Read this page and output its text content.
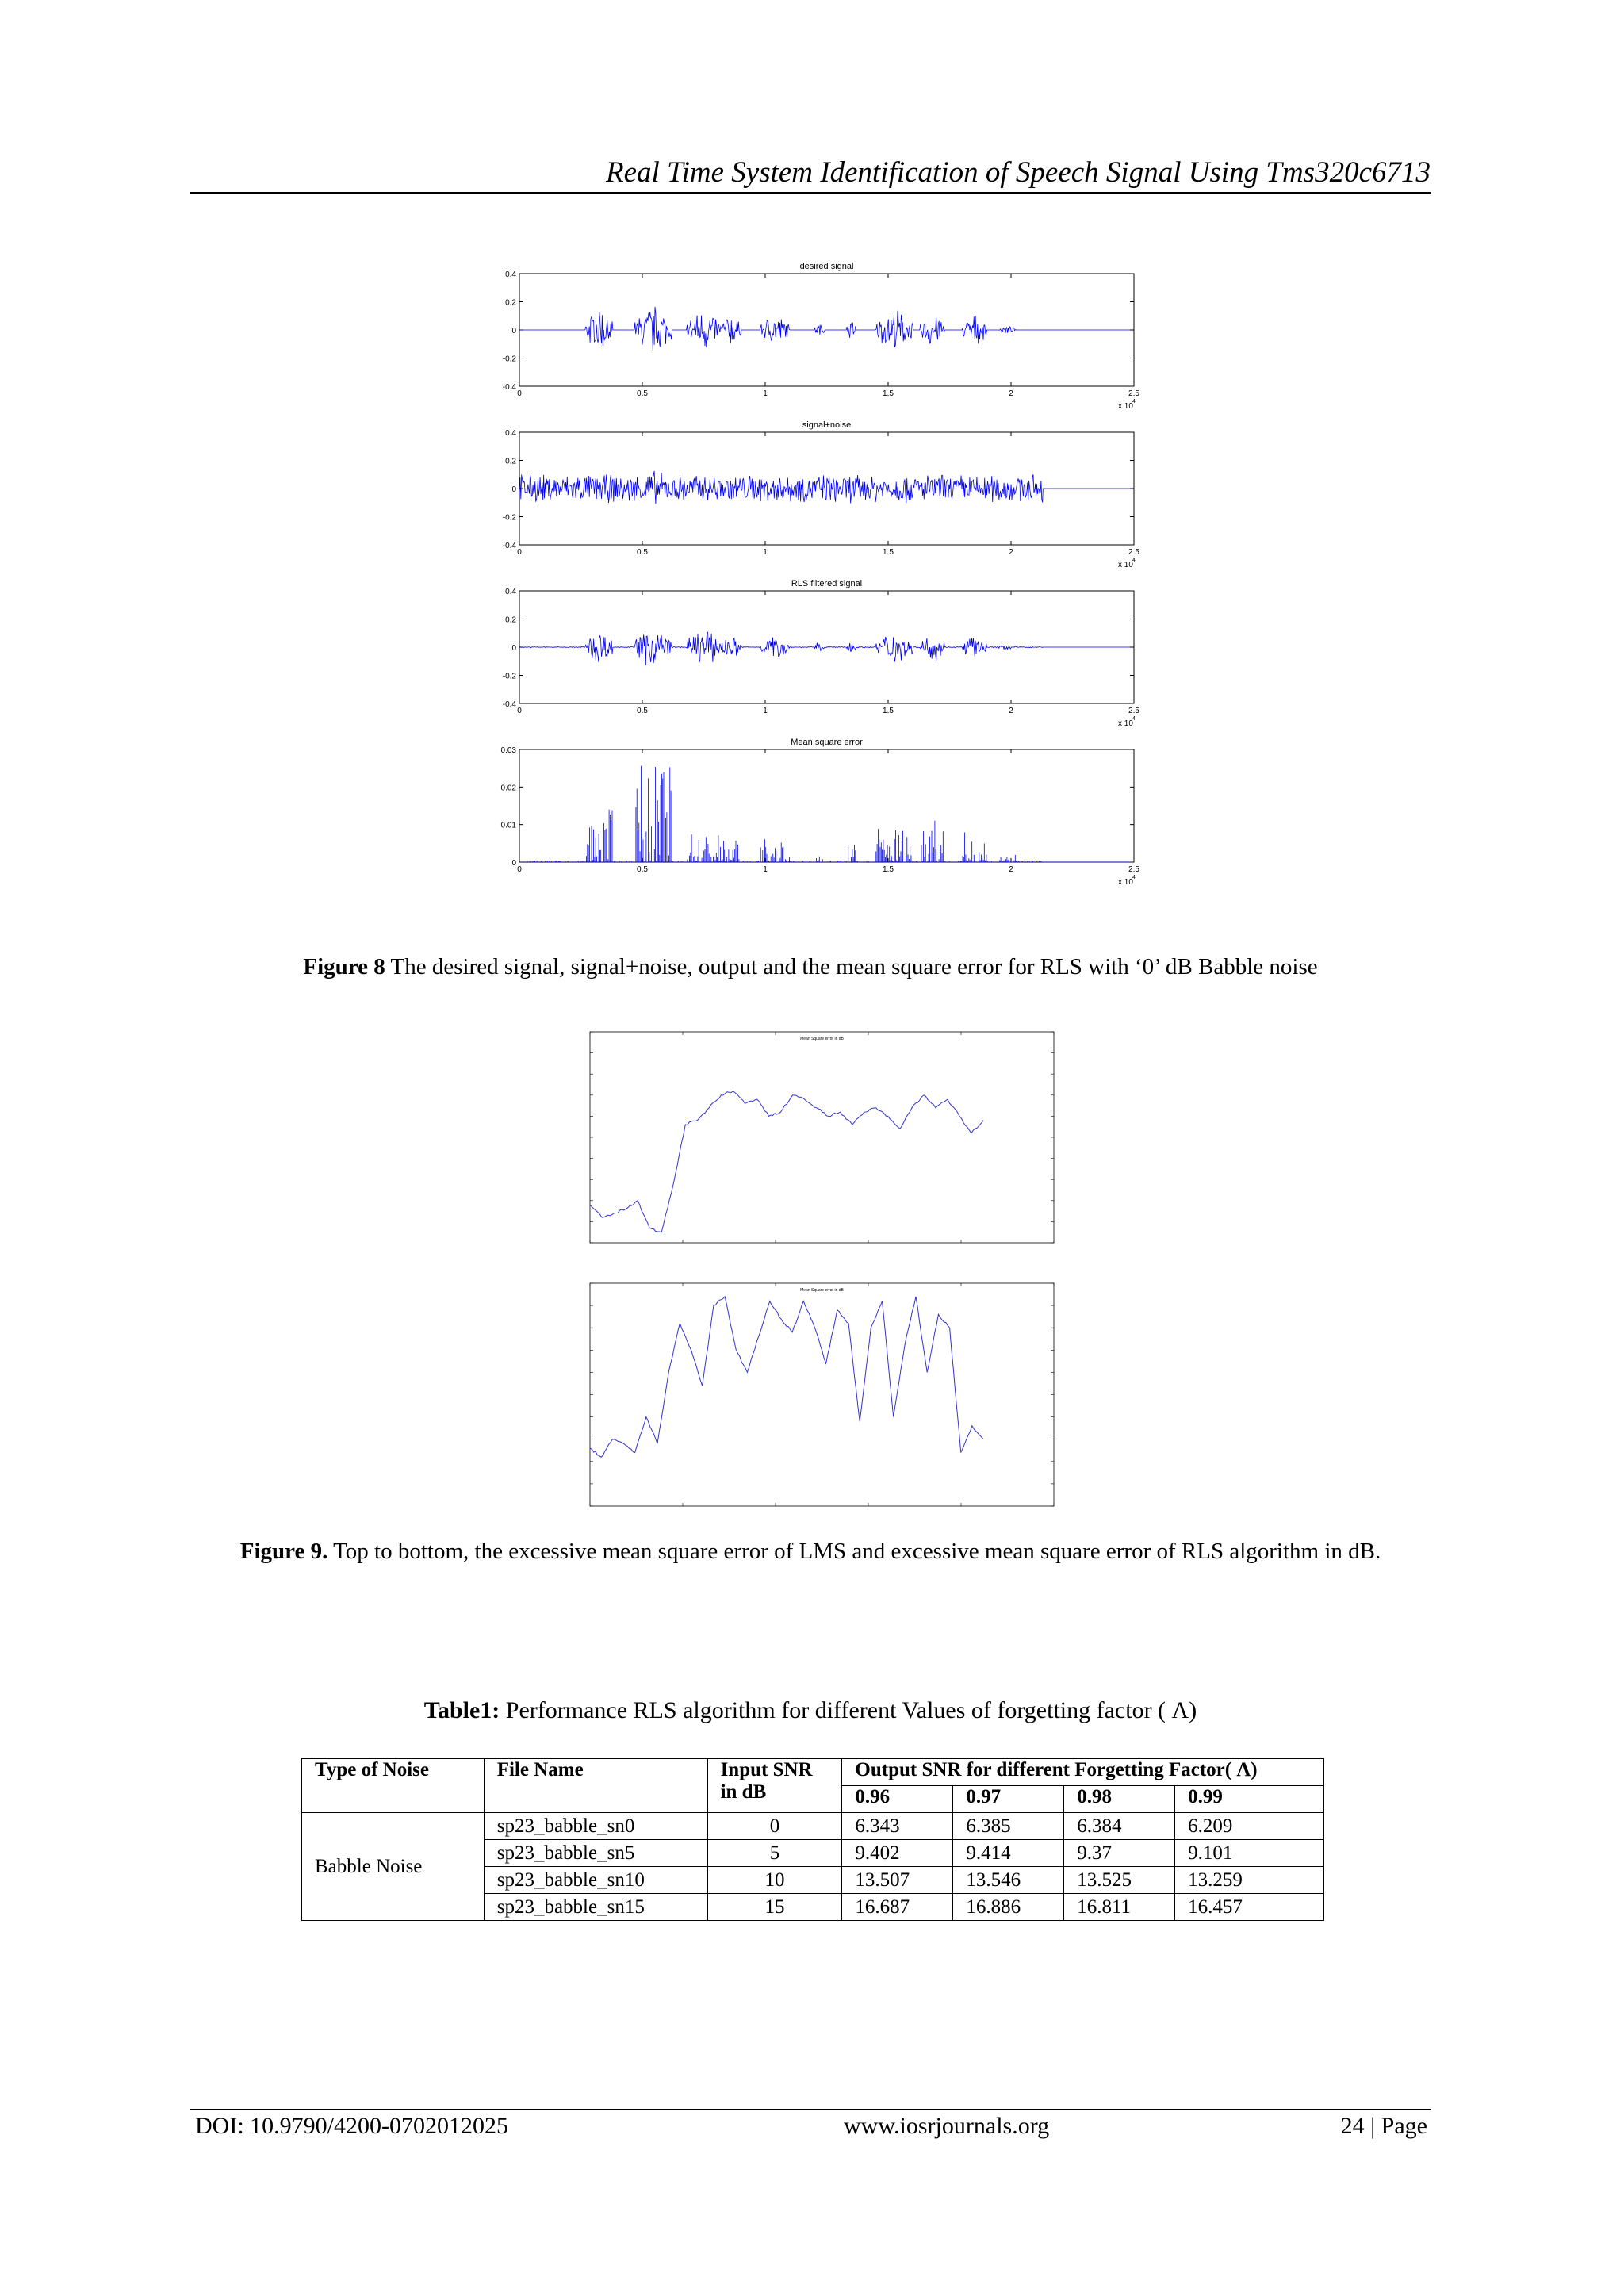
Real Time System Identification of Speech Signal Using Tms320c6713
desired signal
0	0.5	1	1.5	2	2.5
0.4
0.2
0
-0.2
-0.4
x 10
4
signal+noise
0	0.5	1	1.5	2	2.5
0.4
0.2
0
-0.2
-0.4
x 10
4
RLS filtered signal
0	0.5	1	1.5	2	2.5
0.4
0.2
0
-0.2
-0.4
x 10
4
Mean square error
0	0.5	1	1.5	2	2.5
0.03
0.02
0.01
0
x 10
4
Figure 8 The desired signal, signal+noise, output and the mean square error for RLS with ‘0’ dB Babble noise
Mean Square error in dB
Mean Square error in dB
Figure 9. Top to bottom, the excessive mean square error of LMS and excessive mean square error of RLS algorithm in dB.
Table1: Performance RLS algorithm for different Values of forgetting factor ( Λ)
Type of Noise	File Name	Input SNR in dB	Output SNR for different Forgetting Factor( Λ)			
			0.96	0.97	0.98	0.99
Babble Noise	sp23_babble_sn0	0	6.343	6.385	6.384	6.209
	sp23_babble_sn5	5	9.402	9.414	9.37	9.101
	sp23_babble_sn10	10	13.507	13.546	13.525	13.259
	sp23_babble_sn15	15	16.687	16.886	16.811	16.457
DOI: 10.9790/4200-0702012025	www.iosrjournals.org	24 | Page
